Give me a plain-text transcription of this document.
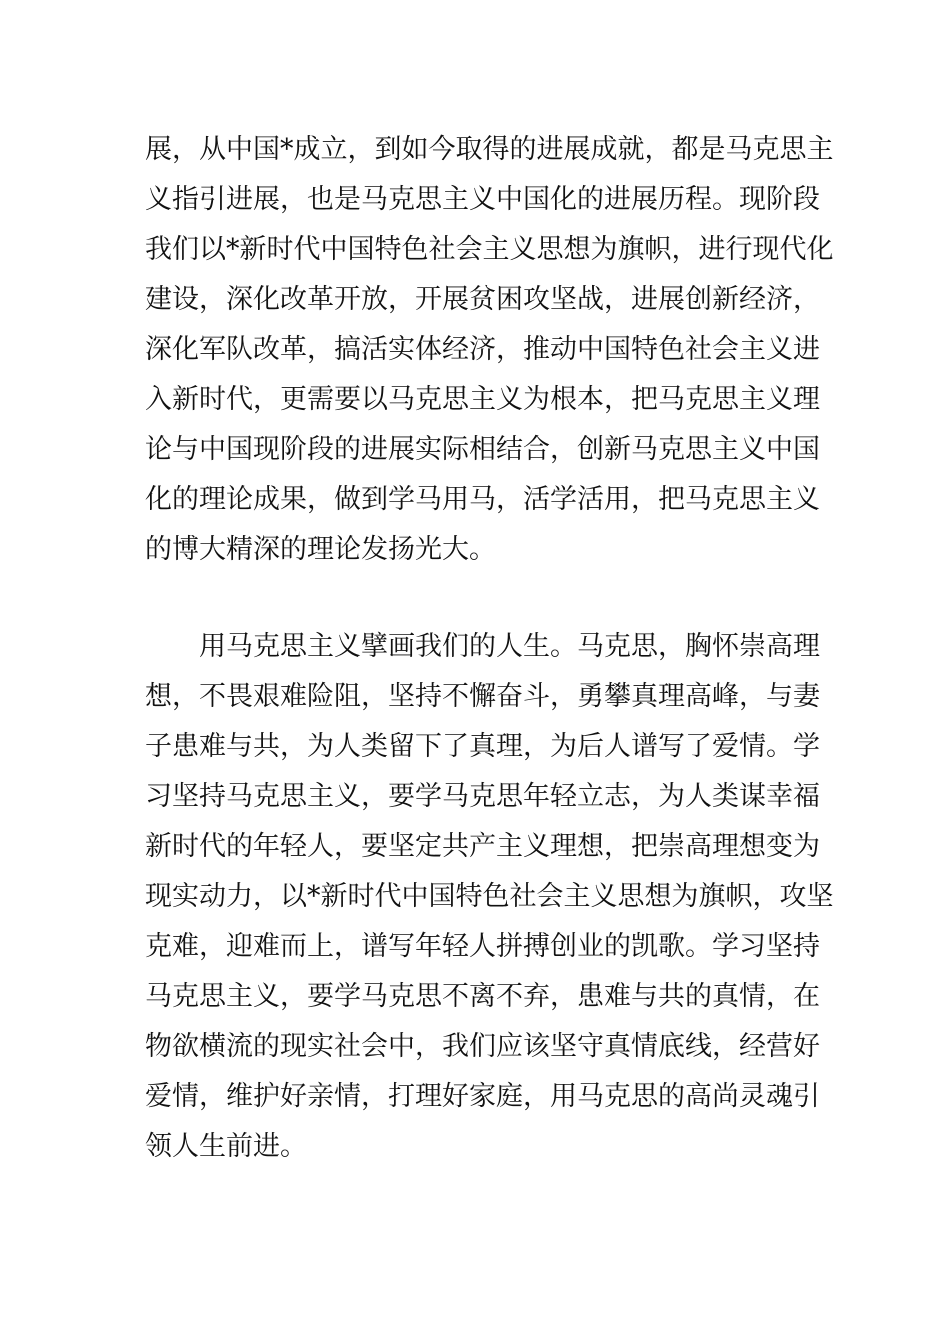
展，从中国*成立，到如今取得的进展成就，都是马克思主
义指引进展，也是马克思主义中国化的进展历程。现阶段
我们以*新时代中国特色社会主义思想为旗帜，进行现代化
建设，深化改革开放，开展贫困攻坚战，进展创新经济，
深化军队改革，搞活实体经济，推动中国特色社会主义进
入新时代，更需要以马克思主义为根本，把马克思主义理
论与中国现阶段的进展实际相结合，创新马克思主义中国
化的理论成果，做到学马用马，活学活用，把马克思主义
的博大精深的理论发扬光大。
用马克思主义擘画我们的人生。马克思，胸怀崇高理
想，不畏艰难险阻，坚持不懈奋斗，勇攀真理高峰，与妻
子患难与共，为人类留下了真理，为后人谱写了爱情。学
习坚持马克思主义，要学马克思年轻立志，为人类谋幸福
新时代的年轻人，要坚定共产主义理想，把崇高理想变为
现实动力，以*新时代中国特色社会主义思想为旗帜，攻坚
克难，迎难而上，谱写年轻人拼搏创业的凯歌。学习坚持
马克思主义，要学马克思不离不弃，患难与共的真情，在
物欲横流的现实社会中，我们应该坚守真情底线，经营好
爱情，维护好亲情，打理好家庭，用马克思的高尚灵魂引
领人生前进。
